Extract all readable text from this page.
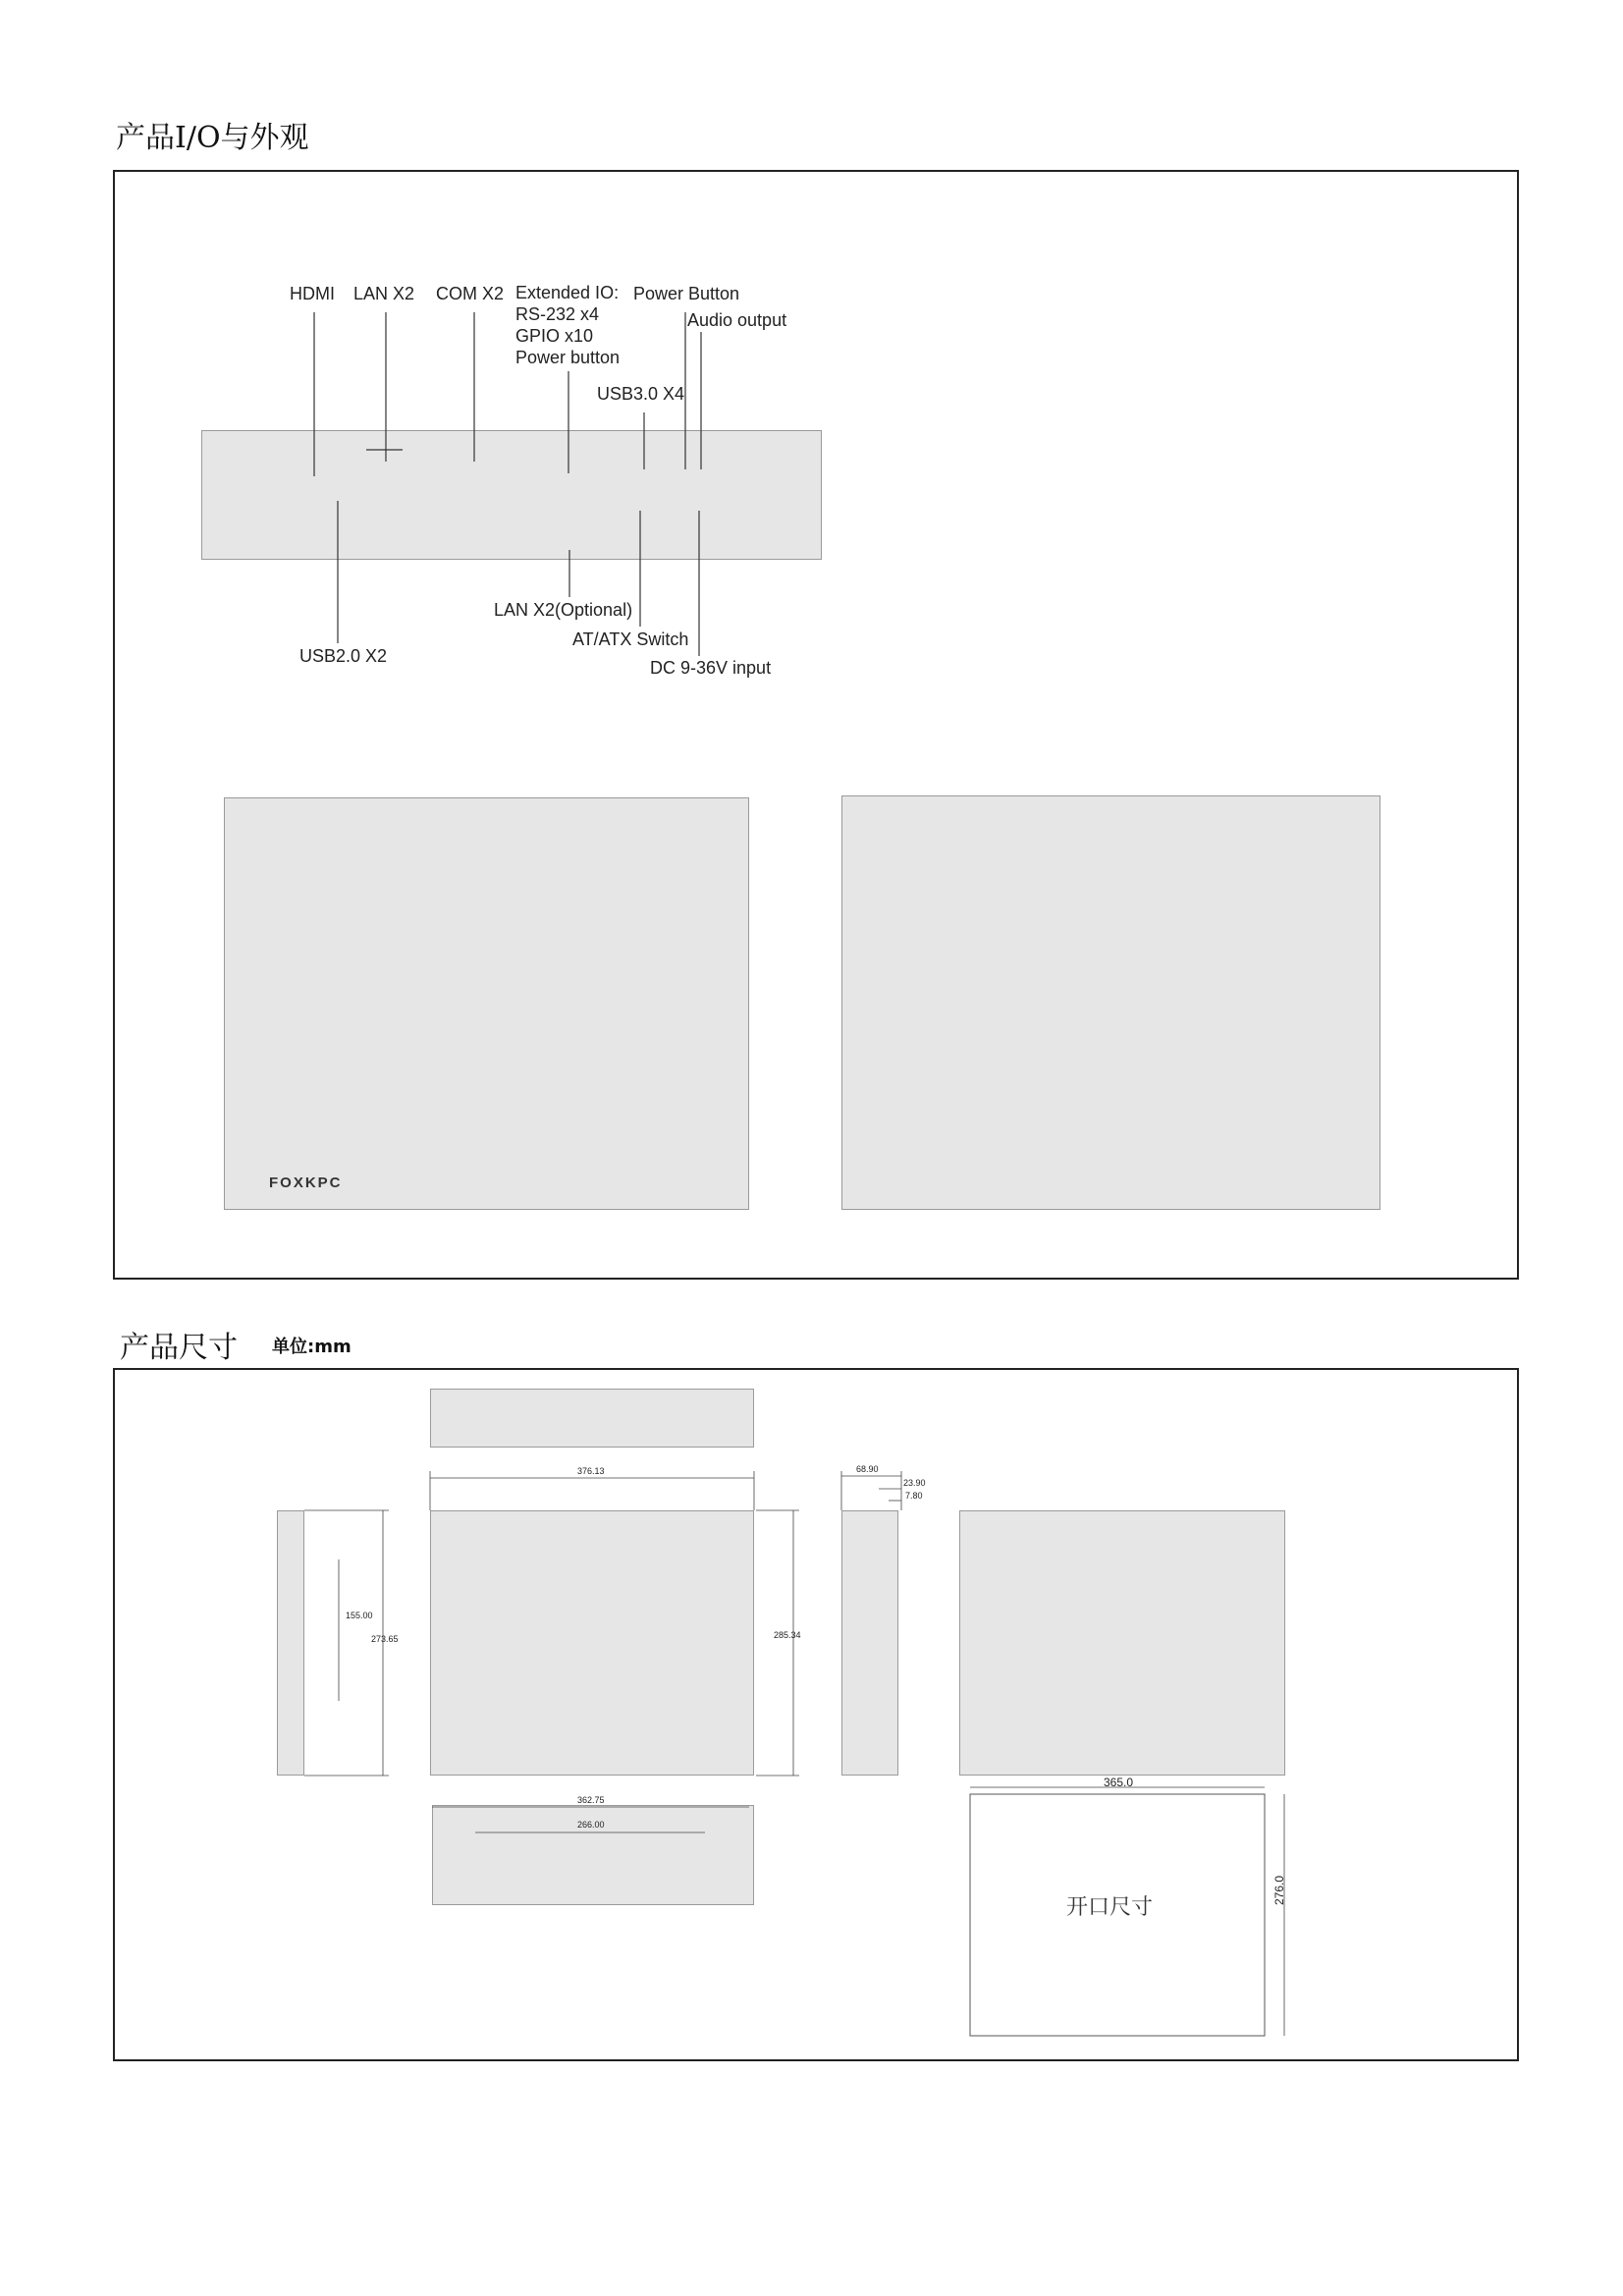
产品I/O与外观
HDMI LAN X2 COM X2 Extended IO:
RS-232 x4
GPIO x10
Power button
Power Button
Audio output
USB3.0 X4
LAN X2(Optional)
AT/ATX Switch
USB2.0 X2
DC 9-36V input
FOXKPC
产品尺寸 单位:mm
376.13
285.34
155.00
273.65
68.90
23.90
7.80
362.75
266.00
365.0
276.0
开口尺寸
